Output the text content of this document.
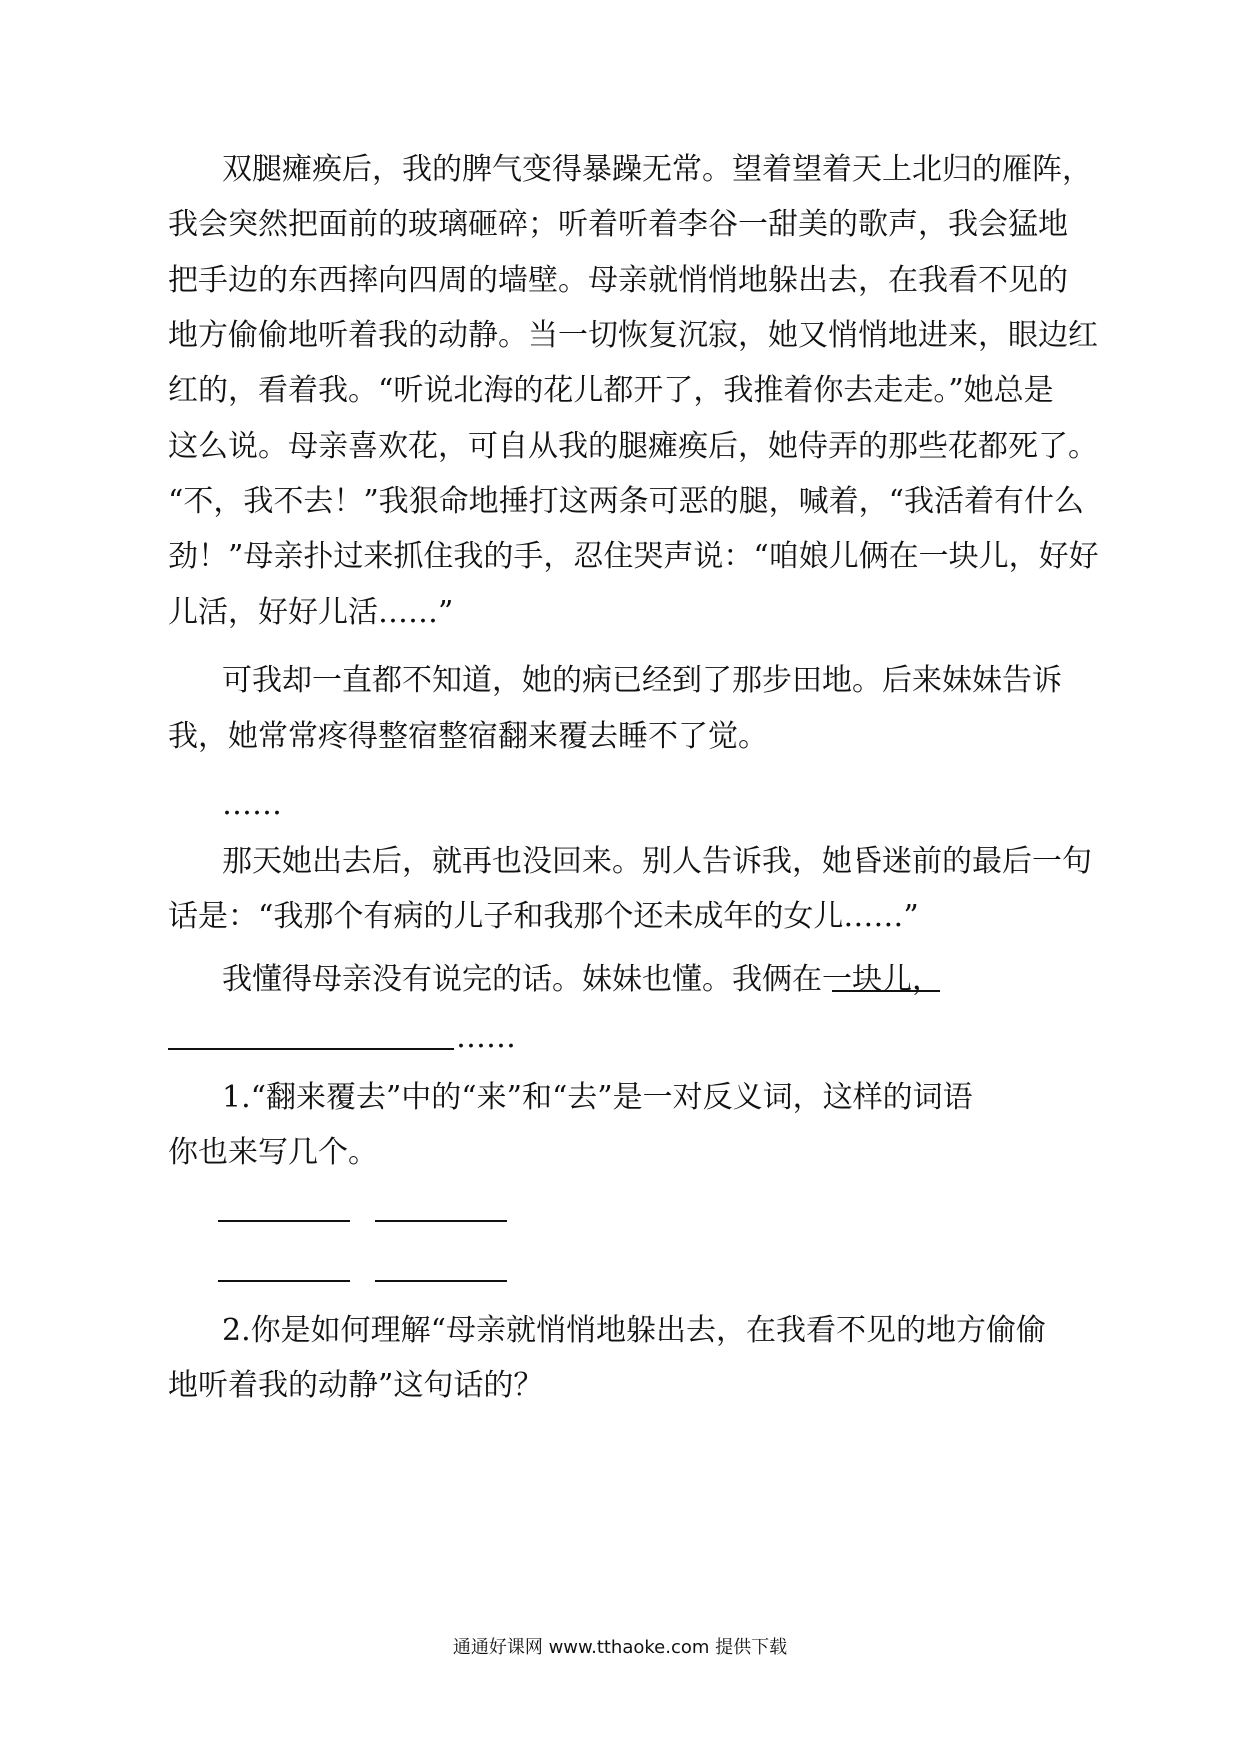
双腿瘫痪后，我的脾气变得暴躁无常。望着望着天上北归的雁阵，
我会突然把面前的玻璃砸碎；听着听着李谷一甜美的歌声，我会猛地
把手边的东西摔向四周的墙壁。母亲就悄悄地躲出去，在我看不见的
地方偷偷地听着我的动静。当一切恢复沉寂，她又悄悄地进来，眼边红
红的，看着我。“听说北海的花儿都开了，我推着你去走走。”她总是
这么说。母亲喜欢花，可自从我的腿瘫痪后，她侍弄的那些花都死了。
“不，我不去！”我狠命地捶打这两条可恶的腿，喊着，“我活着有什么
劲！”母亲扑过来抓住我的手，忍住哭声说：“咱娘儿俩在一块儿，好好
儿活，好好儿活……”
可我却一直都不知道，她的病已经到了那步田地。后来妹妹告诉
我，她常常疼得整宿整宿翻来覆去睡不了觉。
……
那天她出去后，就再也没回来。别人告诉我，她昏迷前的最后一句
话是：“我那个有病的儿子和我那个还未成年的女儿……”
我懂得母亲没有说完的话。妹妹也懂。我俩在一块儿，
……
1.“翻来覆去”中的“来”和“去”是一对反义词，这样的词语
你也来写几个。
2.你是如何理解“母亲就悄悄地躲出去，在我看不见的地方偷偷
地听着我的动静”这句话的？
通通好课网 www.tthaoke.com 提供下载
